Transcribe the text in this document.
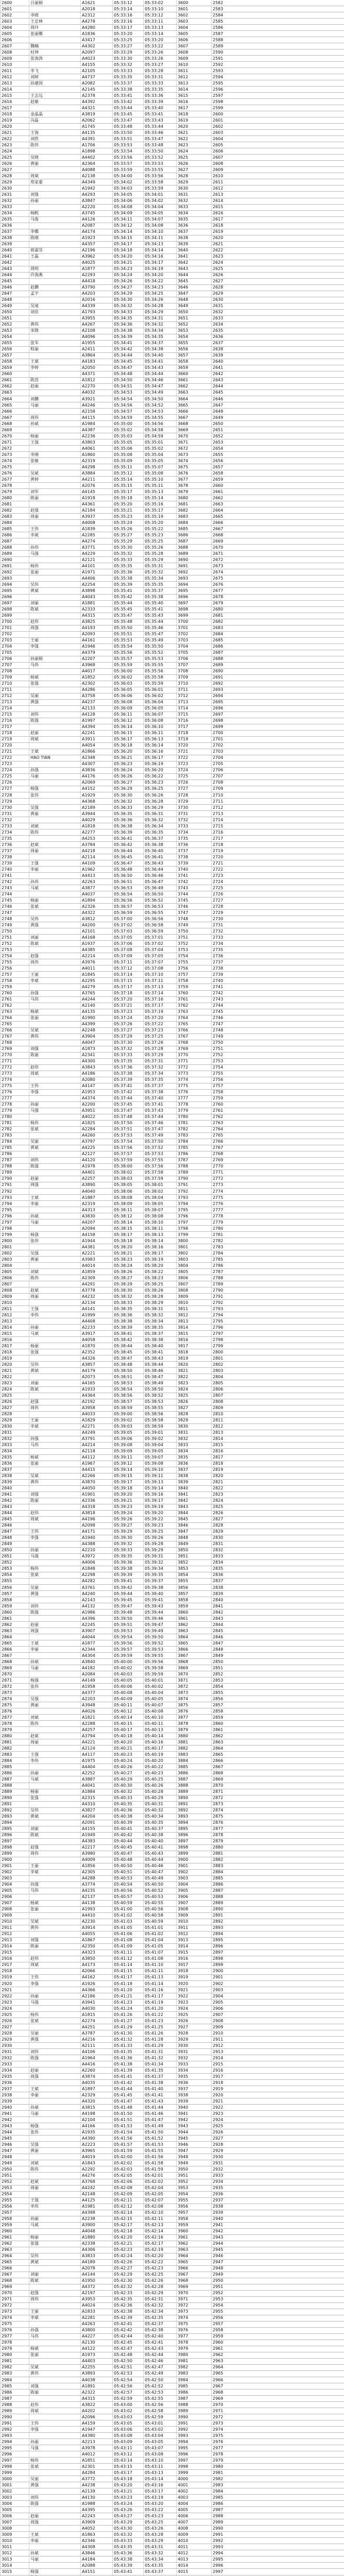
2600	吕丽娟	A1621	05:33:12	05:33:02	3600	2582
2601		A2018	05:33:14	05:33:10	3601	2583
2602	李晓	A2312	05:33:16	05:33:12	3602	2584
2603	王忠林	A4278	05:33:16	05:33:11	3603	2585
2604	周玲	A4280	05:33:17	05:33:13	3604	2586
2605	张丽娜	A1836	05:33:20	05:33:14	3605	2587
2606		A3417	05:33:25	05:33:20	3606	2588
2607	魏楠	A4302	05:33:27	05:33:22	3607	2589
2608	杜坤	A2097	05:33:29	05:33:26	3608	2590
2609	张海涛	A4023	05:33:30	05:33:26	3609	2591
2610		A4155	05:33:32	05:33:27	3610	2592
2611	李飞	A2105	05:33:33	05:33:28	3611	2593
2612	刘婷	A4737	05:33:35	05:33:31	3612	2594
2613	孙建国	A2082	05:33:37	05:33:33	3613	2595
2614		A2145	05:33:38	05:33:35	3614	2596
2615	王志远	A2378	05:33:41	05:33:36	3615	2597
2616	赵敏	A4392	05:33:42	05:33:39	3616	2598
2617		A4321	05:33:44	05:33:40	3617	2599
2618	金晶晶	A3819	05:33:45	05:33:41	3618	2600
2619	冯磊	A2062	05:33:47	05:33:43	3619	2601
2620		A1745	05:33:48	05:33:44	3620	2602
2621	王海	A4135	05:33:50	05:33:46	3621	2603
2622	刘欣	A4391	05:33:51	05:33:47	3622	2604
2623	陈伟	A1706	05:33:53	05:33:48	3623	2605
2624		A1898	05:33:54	05:33:50	3624	2606
2625	吴晓	A4402	05:33:56	05:33:52	3625	2607
2626	黄丽	A2364	05:33:57	05:33:53	3626	2608
2627		A4088	05:33:59	05:33:55	3627	2609
2628	周斌	A2138	05:34:00	05:33:56	3628	2610
2629	郑家豪	A4349	05:34:02	05:33:58	3629	2611
2630		A1942	05:34:03	05:33:59	3630	2612
2631	刘强	A4293	05:34:05	05:34:01	3631	2613
2632	孙丽	A3847	05:34:06	05:34:02	3632	2614
2633		A2220	05:34:08	05:34:04	3633	2615
2634	杨帆	A3745	05:34:09	05:34:05	3634	2616
2635	马俊	A4126	05:34:11	05:34:07	3635	2617
2636		A2087	05:34:12	05:34:08	3636	2618
2637	李娜	A4174	05:34:14	05:34:10	3637	2619
2638	陈刚	A1923	05:34:15	05:34:11	3638	2620
2639		A4357	05:34:17	05:34:13	3639	2621
2640	蒋淑芬	A2196	05:34:18	05:34:14	3640	2622
2641	王磊	A3962	05:34:20	05:34:16	3641	2623
2642		A4025	05:34:21	05:34:17	3642	2624
2643	周明	A1877	05:34:23	05:34:19	3643	2625
2644	许海燕	A2293	05:34:24	05:34:20	3644	2626
2645		A4418	05:34:26	05:34:22	3645	2627
2646	赵鹏	A3790	05:34:27	05:34:23	3646	2628
2647	孟宇	A4203	05:34:29	05:34:25	3647	2629
2648		A2016	05:34:30	05:34:26	3648	2630
2649	吴迪	A4339	05:34:32	05:34:28	3649	2631
2650	刘佳	A1793	05:34:33	05:34:29	3650	2632
2651		A3955	05:34:35	05:34:31	3651	2633
2652	黄伟	A4267	05:34:36	05:34:32	3652	2634
2653	宋晓	A2108	05:34:38	05:34:34	3653	2635
2654		A4096	05:34:39	05:34:35	3654	2636
2655	张军	A1955	05:34:41	05:34:37	3655	2637
2656	程丽	A2411	05:34:42	05:34:38	3656	2638
2657		A3864	05:34:44	05:34:40	3657	2639
2658	王斌	A4183	05:34:45	05:34:41	3658	2640
2659	李婷	A2050	05:34:47	05:34:43	3659	2641
2660		A4371	05:34:48	05:34:44	3660	2642
2661	陈浩	A1812	05:34:50	05:34:46	3661	2643
2662	赵丽	A2270	05:34:51	05:34:47	3662	2644
2663		A4032	05:34:53	05:34:49	3663	2645
2664	刘鹏	A3921	05:34:54	05:34:50	3664	2646
2665	马丽	A4246	05:34:56	05:34:52	3665	2647
2666		A2158	05:34:57	05:34:53	3666	2648
2667	周伟	A4115	05:34:59	05:34:55	3667	2649
2668	孙斌	A1984	05:35:00	05:34:56	3668	2650
2669		A4387	05:35:02	05:34:58	3669	2651
2670	杨丽	A2236	05:35:03	05:34:59	3670	2652
2671	王强	A3803	05:35:05	05:35:01	3671	2653
2672		A4061	05:35:06	05:35:02	3672	2654
2673	李刚	A1860	05:35:08	05:35:04	3673	2655
2674	张敏	A2319	05:35:09	05:35:05	3674	2656
2675		A4298	05:35:11	05:35:07	3675	2657
2676	吴斌	A3884	05:35:12	05:35:08	3676	2658
2677	黄婷	A4211	05:35:14	05:35:10	3677	2659
2678		A2076	05:35:15	05:35:11	3678	2660
2679	刘军	A4145	05:35:17	05:35:13	3679	2661
2680	陈丽	A1918	05:35:18	05:35:14	3680	2662
2681		A4361	05:35:20	05:35:16	3681	2663
2682	赵强	A2184	05:35:21	05:35:17	3682	2664
2683	周丽	A3937	05:35:23	05:35:19	3683	2665
2684		A4008	05:35:24	05:35:20	3684	2666
2685	王伟	A1839	05:35:26	05:35:22	3685	2667
2686	李斌	A2285	05:35:27	05:35:23	3686	2668
2687		A4274	05:35:29	05:35:25	3687	2669
2688	孙伟	A3771	05:35:30	05:35:26	3688	2670
2689	马强	A4229	05:35:32	05:35:28	3689	2671
2690		A2121	05:35:33	05:35:29	3690	2672
2691	杨伟	A4101	05:35:35	05:35:31	3691	2673
2692	张丽	A1971	05:35:36	05:35:32	3692	2674
2693		A4406	05:35:38	05:35:34	3693	2675
2694	吴伟	A2254	05:35:39	05:35:35	3694	2676
2695	黄斌	A3898	05:35:41	05:35:37	3695	2677
2696		A4043	05:35:42	05:35:38	3696	2678
2697	刘丽	A1881	05:35:44	05:35:40	3697	2679
2698	陈斌	A2333	05:35:45	05:35:41	3698	2680
2699		A4315	05:35:47	05:35:43	3699	2681
2700	赵伟	A3825	05:35:48	05:35:44	3700	2682
2701	周强	A4193	05:35:50	05:35:46	3701	2683
2702		A2093	05:35:51	05:35:47	3702	2684
2703	王丽	A4161	05:35:53	05:35:49	3703	2685
2704	李强	A1946	05:35:54	05:35:50	3704	2686
2705		A4379	05:35:56	05:35:52	3705	2687
2706	孙丽娟	A2207	05:35:57	05:35:53	3706	2688
2707	马伟	A3968	05:35:59	05:35:55	3707	2689
2708		A4017	05:36:00	05:35:56	3708	2690
2709	杨斌	A1852	05:36:02	05:35:58	3709	2691
2710	张强	A2302	05:36:03	05:35:59	3710	2692
2711		A4286	05:36:05	05:36:01	3711	2693
2712	吴丽	A3758	05:36:06	05:36:02	3712	2694
2713	黄强	A4237	05:36:08	05:36:04	3713	2695
2714		A2133	05:36:09	05:36:05	3714	2696
2715	刘伟	A4128	05:36:11	05:36:07	3715	2697
2716	陈强	A1997	05:36:12	05:36:08	3716	2698
2717		A4394	05:36:14	05:36:10	3717	2699
2718	赵丽	A2241	05:36:15	05:36:11	3718	2700
2719	周斌	A3911	05:36:17	05:36:13	3719	2701
2720		A4054	05:36:18	05:36:14	3720	2702
2721	王斌	A1866	05:36:20	05:36:16	3721	2703
2722	HAO TIAN	A2348	05:36:21	05:36:17	3722	2704
2723		A4307	05:36:23	05:36:19	3723	2705
2724	孙强	A3836	05:36:24	05:36:20	3724	2706
2725	马丽	A4176	05:36:26	05:36:22	3725	2707
2726		A2069	05:36:27	05:36:23	3726	2708
2727	杨强	A4152	05:36:29	05:36:25	3727	2709
2728	张伟	A1929	05:36:30	05:36:26	3728	2710
2729		A4368	05:36:32	05:36:28	3729	2711
2730	吴强	A2189	05:36:33	05:36:29	3730	2712
2731	黄丽	A3944	05:36:35	05:36:31	3731	2713
2732		A4029	05:36:36	05:36:32	3732	2714
2733	刘斌	A1818	05:36:38	05:36:34	3733	2715
2734	陈伟	A2277	05:36:39	05:36:35	3734	2716
2735		A4253	05:36:41	05:36:37	3735	2717
2736	赵斌	A3784	05:36:42	05:36:38	3736	2718
2737	周丽	A4218	05:36:44	05:36:40	3737	2719
2738		A2114	05:36:45	05:36:41	3738	2720
2739	王强	A4109	05:36:47	05:36:43	3739	2721
2740	李丽	A1962	05:36:48	05:36:44	3740	2722
2741		A4413	05:36:50	05:36:46	3741	2723
2742	孙伟	A2263	05:36:51	05:36:47	3742	2724
2743	马斌	A3877	05:36:53	05:36:49	3743	2725
2744		A4037	05:36:54	05:36:50	3744	2726
2745	杨丽	A1894	05:36:56	05:36:52	3745	2727
2746	张斌	A2326	05:36:57	05:36:53	3746	2728
2747		A4322	05:36:59	05:36:55	3747	2729
2748	吴伟	A3812	05:37:00	05:36:56	3748	2730
2749	黄强	A4200	05:37:02	05:36:58	3749	2731
2750		A2101	05:37:03	05:36:59	3750	2732
2751	刘丽	A4168	05:37:05	05:37:01	3751	2733
2752	陈斌	A1937	05:37:06	05:37:02	3752	2734
2753		A4385	05:37:08	05:37:04	3753	2735
2754	赵强	A2214	05:37:09	05:37:05	3754	2736
2755	周伟	A3976	05:37:11	05:37:07	3755	2737
2756		A4011	05:37:12	05:37:08	3756	2738
2757	王丽	A1845	05:37:14	05:37:10	3757	2739
2758	李斌	A2295	05:37:15	05:37:11	3758	2740
2759		A4279	05:37:17	05:37:13	3759	2741
2760	孙强	A3765	05:37:18	05:37:14	3760	2742
2761	马伟	A4244	05:37:20	05:37:16	3761	2743
2762		A2140	05:37:21	05:37:17	3762	2744
2763	杨斌	A4135	05:37:23	05:37:19	3763	2745
2764	张丽	A1990	05:37:24	05:37:20	3764	2746
2765		A4399	05:37:26	05:37:22	3765	2747
2766	吴斌	A2248	05:37:27	05:37:23	3766	2748
2767	黄伟	A3904	05:37:29	05:37:25	3767	2749
2768		A4047	05:37:30	05:37:26	3768	2750
2769	刘强	A1873	05:37:32	05:37:28	3769	2751
2770	陈丽	A2341	05:37:33	05:37:29	3770	2752
2771		A4300	05:37:35	05:37:31	3771	2753
2772	赵伟	A3843	05:37:36	05:37:32	3772	2754
2773	周斌	A4186	05:37:38	05:37:34	3773	2755
2774		A2080	05:37:39	05:37:35	3774	2756
2775	王伟	A4147	05:37:41	05:37:37	3775	2757
2776	李强	A1953	05:37:42	05:37:38	3776	2758
2777		A4374	05:37:44	05:37:40	3777	2759
2778	孙丽	A2200	05:37:45	05:37:41	3778	2760
2779	马强	A3951	05:37:47	05:37:43	3779	2761
2780		A4022	05:37:48	05:37:44	3780	2762
2781	杨伟	A1825	05:37:50	05:37:46	3781	2763
2782	张斌	A2284	05:37:51	05:37:47	3782	2764
2783		A4260	05:37:53	05:37:49	3783	2765
2784	吴丽	A3797	05:37:54	05:37:50	3784	2766
2785	黄斌	A4225	05:37:56	05:37:52	3785	2767
2786		A2127	05:37:57	05:37:53	3786	2768
2787	刘伟	A4120	05:37:59	05:37:55	3787	2769
2788	陈强	A1978	05:38:00	05:37:56	3788	2770
2789		A4401	05:38:02	05:37:58	3789	2771
2790	赵丽	A2257	05:38:03	05:37:59	3790	2772
2791	周强	A3890	05:38:05	05:38:01	3791	2773
2792		A4040	05:38:06	05:38:02	3792	2774
2793	王斌	A1887	05:38:08	05:38:04	3793	2775
2794	李丽	A2319	05:38:09	05:38:05	3794	2776
2795		A4313	05:38:11	05:38:07	3795	2777
2796	孙斌	A3830	05:38:12	05:38:08	3796	2778
2797	马丽	A4207	05:38:14	05:38:10	3797	2779
2798		A2094	05:38:15	05:38:11	3798	2780
2799	杨强	A4158	05:38:17	05:38:13	3799	2781
2800	张伟	A1944	05:38:18	05:38:14	3800	2782
2801		A4381	05:38:20	05:38:16	3801	2783
2802	吴强	A2221	05:38:21	05:38:17	3802	2784
2803	黄丽	A3983	05:38:23	05:38:19	3803	2785
2804		A4014	05:38:24	05:38:20	3804	2786
2805	刘斌	A1859	05:38:26	05:38:22	3805	2787
2806	陈伟	A2309	05:38:27	05:38:23	3806	2788
2807		A4291	05:38:29	05:38:25	3807	2789
2808	赵斌	A3778	05:38:30	05:38:26	3808	2790
2809	周丽	A4232	05:38:32	05:38:28	3809	2791
2810		A2134	05:38:33	05:38:29	3810	2792
2811	王强	A4141	05:38:35	05:38:31	3811	2793
2812	李伟	A1999	05:38:36	05:38:32	3812	2794
2813		A4408	05:38:38	05:38:34	3813	2795
2814	孙丽	A2233	05:38:39	05:38:35	3814	2796
2815	马斌	A3917	05:38:41	05:38:37	3815	2797
2816		A4058	05:38:42	05:38:38	3816	2798
2817	杨丽	A1870	05:38:44	05:38:40	3817	2799
2818	张强	A2352	05:38:45	05:38:41	3818	2800
2819		A4326	05:38:47	05:38:43	3819	2801
2820	吴伟	A3857	05:38:48	05:38:44	3820	2802
2821	黄斌	A4179	05:38:50	05:38:46	3821	2803
2822		A2073	05:38:51	05:38:47	3822	2804
2823	刘丽	A4165	05:38:53	05:38:49	3823	2805
2824	陈斌	A1933	05:38:54	05:38:50	3824	2806
2825		A4364	05:38:56	05:38:52	3825	2807
2826	赵强	A2192	05:38:57	05:38:53	3826	2808
2827	周伟	A3958	05:38:59	05:38:55	3827	2809
2828		A4033	05:39:00	05:38:56	3828	2810
2829	王丽	A1829	05:39:02	05:38:58	3829	2811
2830	李斌	A2271	05:39:03	05:38:59	3830	2812
2831		A4249	05:39:05	05:39:01	3831	2813
2832	孙强	A3791	05:39:06	05:39:02	3832	2814
2833	马伟	A4214	05:39:08	05:39:04	3833	2815
2834		A2118	05:39:09	05:39:05	3834	2816
2835	杨斌	A4112	05:39:11	05:39:07	3835	2817
2836	张丽	A1967	05:39:12	05:39:08	3836	2818
2837		A4415	05:39:14	05:39:10	3837	2819
2838	吴斌	A2266	05:39:15	05:39:11	3838	2820
2839	黄伟	A3870	05:39:17	05:39:13	3839	2821
2840		A4050	05:39:18	05:39:14	3840	2822
2841	刘强	A1901	05:39:20	05:39:16	3841	2823
2842	陈丽	A2336	05:39:21	05:39:17	3842	2824
2843		A4318	05:39:23	05:39:19	3843	2825
2844	赵伟	A3818	05:39:24	05:39:20	3844	2826
2845	周斌	A4196	05:39:26	05:39:22	3845	2827
2846		A2098	05:39:27	05:39:23	3846	2828
2847	王伟	A4171	05:39:29	05:39:25	3847	2829
2848	李强	A1940	05:39:30	05:39:26	3848	2830
2849		A4388	05:39:32	05:39:28	3849	2831
2850	孙丽	A2210	05:39:33	05:39:29	3850	2832
2851	马强	A3972	05:39:35	05:39:31	3851	2833
2852		A4006	05:39:36	05:39:32	3852	2834
2853	杨伟	A1848	05:39:38	05:39:34	3853	2835
2854	张斌	A2298	05:39:39	05:39:35	3854	2836
2855		A4282	05:39:41	05:39:37	3855	2837
2856	吴丽	A3761	05:39:42	05:39:38	3856	2838
2857	黄强	A4240	05:39:44	05:39:40	3857	2839
2858		A2143	05:39:45	05:39:41	3858	2840
2859	刘伟	A4132	05:39:47	05:39:43	3859	2841
2860	陈强	A1986	05:39:48	05:39:44	3860	2842
2861		A4396	05:39:50	05:39:46	3861	2843
2862	赵丽	A2245	05:39:51	05:39:47	3862	2844
2863	周强	A3907	05:39:53	05:39:49	3863	2845
2864		A4044	05:39:54	05:39:50	3864	2846
2865	王斌	A1877	05:39:56	05:39:52	3865	2847
2866	李丽	A2344	05:39:57	05:39:53	3866	2848
2867		A4304	05:39:59	05:39:55	3867	2849
2868	孙斌	A3840	05:40:00	05:39:56	3868	2850
2869	马丽	A4182	05:40:02	05:39:58	3869	2851
2870		A2084	05:40:03	05:39:59	3870	2852
2871	杨强	A4149	05:40:05	05:40:01	3871	2853
2872	张伟	A1958	05:40:06	05:40:02	3872	2854
2873		A4377	05:40:08	05:40:04	3873	2855
2874	吴强	A2203	05:40:09	05:40:05	3874	2856
2875	黄丽	A3948	05:40:11	05:40:07	3875	2857
2876		A4026	05:40:12	05:40:08	3876	2858
2877	刘斌	A1821	05:40:14	05:40:10	3877	2859
2878	陈伟	A2288	05:40:15	05:40:11	3878	2860
2879		A4257	05:40:17	05:40:13	3879	2861
2880	赵斌	A3794	05:40:18	05:40:14	3880	2862
2881	周丽	A4221	05:40:20	05:40:16	3881	2863
2882		A2124	05:40:21	05:40:17	3882	2864
2883	王强	A4117	05:40:23	05:40:19	3883	2865
2884	李伟	A1975	05:40:24	05:40:20	3884	2866
2885		A4404	05:40:26	05:40:22	3885	2867
2886	孙丽	A2252	05:40:27	05:40:23	3886	2868
2887	马斌	A3887	05:40:29	05:40:25	3887	2869
2888		A4041	05:40:30	05:40:26	3888	2870
2889	杨丽	A1884	05:40:32	05:40:28	3889	2871
2890	张强	A2315	05:40:33	05:40:29	3890	2872
2891		A4310	05:40:35	05:40:31	3891	2873
2892	吴伟	A3827	05:40:36	05:40:32	3892	2874
2893	黄斌	A4204	05:40:38	05:40:34	3893	2875
2894		A2091	05:40:39	05:40:35	3894	2876
2895	刘丽	A4155	05:40:41	05:40:37	3895	2877
2896	陈斌	A1949	05:40:42	05:40:38	3896	2878
2897		A4383	05:40:44	05:40:40	3897	2879
2898	赵强	A2217	05:40:45	05:40:41	3898	2880
2899	周伟	A3980	05:40:47	05:40:43	3899	2881
2900		A4009	05:40:48	05:40:44	3900	2882
2901	王丽	A1856	05:40:50	05:40:46	3901	2883
2902	李斌	A2305	05:40:51	05:40:47	3902	2884
2903		A4288	05:40:53	05:40:49	3903	2885
2904	孙强	A3774	05:40:54	05:40:50	3904	2886
2905	马伟	A4235	05:40:56	05:40:52	3905	2887
2906		A2137	05:40:57	05:40:53	3906	2888
2907	杨斌	A4138	05:40:59	05:40:55	3907	2889
2908	张丽	A1993	05:41:00	05:40:56	3908	2890
2909		A4410	05:41:02	05:40:58	3909	2891
2910	吴斌	A2230	05:41:03	05:40:59	3910	2892
2911	黄伟	A3914	05:41:05	05:41:01	3911	2893
2912		A4055	05:41:06	05:41:02	3912	2894
2913	刘强	A1867	05:41:08	05:41:04	3913	2895
2914	陈丽	A2350	05:41:09	05:41:05	3914	2896
2915		A4323	05:41:11	05:41:07	3915	2897
2916	赵伟	A3850	05:41:12	05:41:08	3916	2898
2917	周斌	A4173	05:41:14	05:41:10	3917	2899
2918		A2066	05:41:15	05:41:11	3918	2900
2919	王伟	A4162	05:41:17	05:41:13	3919	2901
2920	李强	A1926	05:41:18	05:41:14	3920	2902
2921		A4366	05:41:20	05:41:16	3921	2903
2922	孙丽	A2186	05:41:21	05:41:17	3922	2904
2923	马强	A3941	05:41:23	05:41:19	3923	2905
2924		A4030	05:41:24	05:41:20	3924	2906
2925	杨伟	A1815	05:41:26	05:41:22	3925	2907
2926	张斌	A2274	05:41:27	05:41:23	3926	2908
2927		A4251	05:41:29	05:41:25	3927	2909
2928	吴丽	A3787	05:41:30	05:41:26	3928	2910
2929	黄强	A4216	05:41:32	05:41:28	3929	2911
2930		A2111	05:41:33	05:41:29	3930	2912
2931	刘伟	A4106	05:41:35	05:41:31	3931	2913
2932	陈强	A1964	05:41:36	05:41:32	3932	2914
2933		A4416	05:41:38	05:41:34	3933	2915
2934	赵丽	A2260	05:41:39	05:41:35	3934	2916
2935	周强	A3874	05:41:41	05:41:37	3935	2917
2936		A4035	05:41:42	05:41:38	3936	2918
2937	王斌	A1897	05:41:44	05:41:40	3937	2919
2938	李丽	A2329	05:41:45	05:41:41	3938	2920
2939		A4320	05:41:47	05:41:43	3939	2921
2940	孙斌	A3815	05:41:48	05:41:44	3940	2922
2941	马丽	A4198	05:41:50	05:41:46	3941	2923
2942		A2104	05:41:51	05:41:47	3942	2924
2943	杨强	A4166	05:41:53	05:41:49	3943	2925
2944	张伟	A1935	05:41:54	05:41:50	3944	2926
2945		A4390	05:41:56	05:41:52	3945	2927
2946	吴强	A2223	05:41:57	05:41:53	3946	2928
2947	黄丽	A3965	05:41:59	05:41:55	3947	2929
2948		A4019	05:42:00	05:41:56	3948	2930
2949	刘斌	A1843	05:42:02	05:41:58	3949	2931
2950	陈伟	A2292	05:42:03	05:41:59	3950	2932
2951		A4276	05:42:05	05:42:01	3951	2933
2952	赵斌	A3768	05:42:06	05:42:02	3952	2934
2953	周丽	A4242	05:42:08	05:42:04	3953	2935
2954		A2148	05:42:09	05:42:05	3954	2936
2955	王强	A4125	05:42:11	05:42:07	3955	2937
2956	李伟	A1981	05:42:12	05:42:08	3956	2938
2957		A4398	05:42:14	05:42:10	3957	2939
2958	孙丽	A2238	05:42:15	05:42:11	3958	2940
2959	马斌	A3900	05:42:17	05:42:13	3959	2941
2960		A4048	05:42:18	05:42:14	3960	2942
2961	杨丽	A1880	05:42:20	05:42:16	3961	2943
2962	张强	A2338	05:42:21	05:42:17	3962	2944
2963		A4306	05:42:23	05:42:19	3963	2945
2964	吴伟	A3833	05:42:24	05:42:20	3964	2946
2965	黄斌	A4189	05:42:26	05:42:22	3965	2947
2966		A2078	05:42:27	05:42:23	3966	2948
2967	刘丽	A4144	05:42:29	05:42:25	3967	2949
2968	陈斌	A1950	05:42:30	05:42:26	3968	2950
2969		A4372	05:42:32	05:42:28	3969	2951
2970	赵强	A2197	05:42:33	05:42:29	3970	2952
2971	周伟	A3953	05:42:35	05:42:31	3971	2953
2972		A4024	05:42:36	05:42:32	3972	2954
2973	王丽	A1833	05:42:38	05:42:34	3973	2955
2974	李斌	A2281	05:42:39	05:42:35	3974	2956
2975		A4263	05:42:41	05:42:37	3975	2957
2976	孙强	A3800	05:42:42	05:42:38	3976	2958
2977	马伟	A4227	05:42:44	05:42:40	3977	2959
2978		A2130	05:42:45	05:42:41	3978	2960
2979	杨斌	A4122	05:42:47	05:42:43	3979	2961
2980	张丽	A1973	05:42:48	05:42:44	3980	2962
2981		A4403	05:42:50	05:42:46	3981	2963
2982	吴斌	A2255	05:42:51	05:42:47	3982	2964
2983	黄伟	A3893	05:42:53	05:42:49	3983	2965
2984		A4038	05:42:54	05:42:50	3984	2966
2985	刘强	A1891	05:42:56	05:42:52	3985	2967
2986	陈丽	A2322	05:42:57	05:42:53	3986	2968
2987		A4315	05:42:59	05:42:55	3987	2969
2988	赵伟	A3822	05:43:00	05:42:56	3988	2970
2989	周斌	A4202	05:43:02	05:42:58	3989	2971
2990		A2096	05:43:03	05:42:59	3990	2972
2991	王伟	A4159	05:43:05	05:43:01	3991	2973
2992	李强	A1947	05:43:06	05:43:02	3992	2974
2993		A4380	05:43:08	05:43:04	3993	2975
2994	孙丽	A2213	05:43:09	05:43:05	3994	2976
2995	马强	A3978	05:43:11	05:43:07	3995	2977
2996		A4012	05:43:12	05:43:08	3996	2978
2997	杨伟	A1851	05:43:14	05:43:10	3997	2979
2998	张斌	A2301	05:43:15	05:43:11	3998	2980
2999		A4284	05:43:17	05:43:13	3999	2981
3000	吴丽	A3772	05:43:18	05:43:14	4000	2982
3001	黄强	A4238	05:43:20	05:43:16	4001	2983
3002		A2139	05:43:21	05:43:17	4002	2984
3003	刘伟	A4130	05:43:23	05:43:19	4003	2985
3004	陈强	A1988	05:43:24	05:43:20	4004	2986
3005		A4395	05:43:26	05:43:22	4005	2987
3006	赵丽	A2243	05:43:27	05:43:23	4006	2988
3007	周强	A3909	05:43:29	05:43:25	4007	2989
3008		A4052	05:43:30	05:43:26	4008	2990
3009	王斌	A1863	05:43:32	05:43:28	4009	2991
3010	李丽	A2346	05:43:33	05:43:29	4010	2992
3011		A4308	05:43:35	05:43:31	4011	2993
3012	孙斌	A3846	05:43:36	05:43:32	4012	2994
3013	马丽	A4184	05:43:38	05:43:34	4013	2995
3014		A2088	05:43:39	05:43:35	4014	2996
3015	杨强	A4151	05:43:41	05:43:37	4015	2997
